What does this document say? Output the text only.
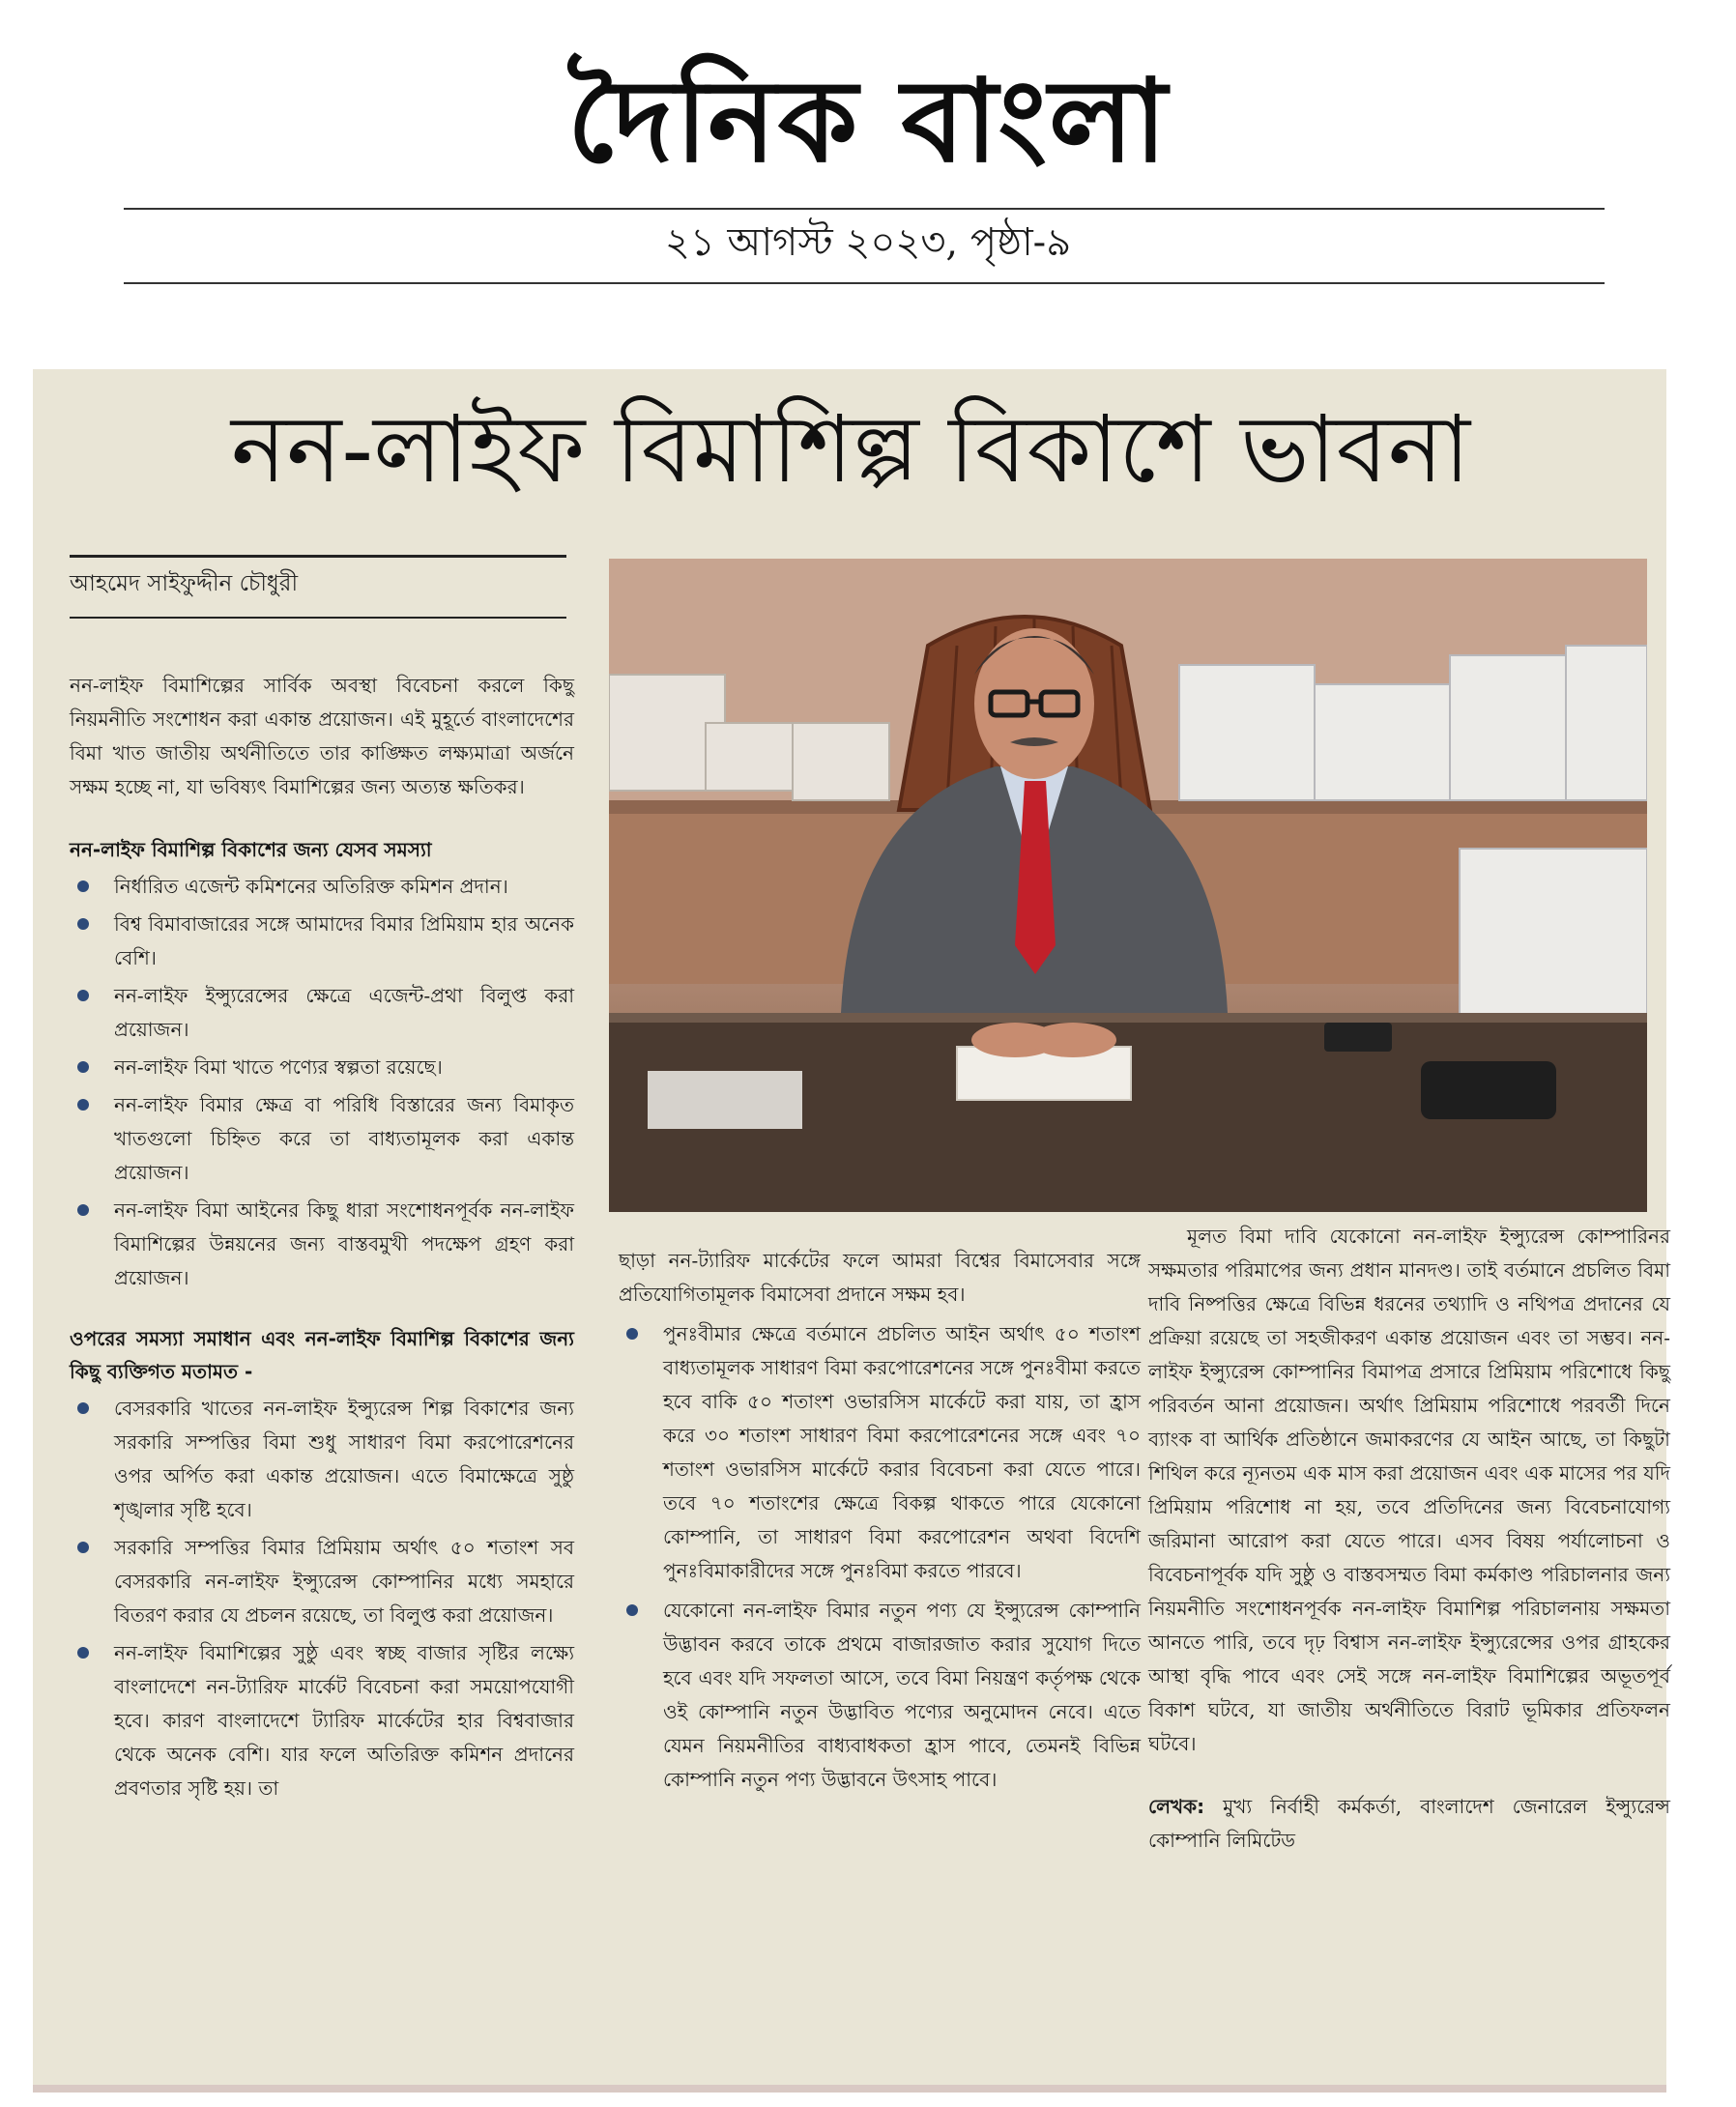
দৈনিক বাংলা
২১ আগস্ট ২০২৩, পৃষ্ঠা-৯
নন-লাইফ বিমাশিল্প বিকাশে ভাবনা
আহমেদ সাইফুদ্দীন চৌধুরী

নন-লাইফ বিমাশিল্পের সার্বিক অবস্থা বিবেচনা করলে কিছু নিয়মনীতি সংশোধন করা একান্ত প্রয়োজন। এই মুহূর্তে বাংলাদেশের বিমা খাত জাতীয় অর্থনীতিতে তার কাঙ্ক্ষিত লক্ষ্যমাত্রা অর্জনে সক্ষম হচ্ছে না, যা ভবিষ্যৎ বিমাশিল্পের জন্য অত্যন্ত ক্ষতিকর।

নন-লাইফ বিমাশিল্প বিকাশের জন্য যেসব সমস্যা
নির্ধারিত এজেন্ট কমিশনের অতিরিক্ত কমিশন প্রদান।
বিশ্ব বিমাবাজারের সঙ্গে আমাদের বিমার প্রিমিয়াম হার অনেক বেশি।
নন-লাইফ ইন্স্যুরেন্সের ক্ষেত্রে এজেন্ট-প্রথা বিলুপ্ত করা প্রয়োজন।
নন-লাইফ বিমা খাতে পণ্যের স্বল্পতা রয়েছে।
নন-লাইফ বিমার ক্ষেত্র বা পরিধি বিস্তারের জন্য বিমাকৃত খাতগুলো চিহ্নিত করে তা বাধ্যতামূলক করা একান্ত প্রয়োজন।
নন-লাইফ বিমা আইনের কিছু ধারা সংশোধনপূর্বক নন-লাইফ বিমাশিল্পের উন্নয়নের জন্য বাস্তবমুখী পদক্ষেপ গ্রহণ করা প্রয়োজন।
ওপরের সমস্যা সমাধান এবং নন-লাইফ বিমাশিল্প বিকাশের জন্য কিছু ব্যক্তিগত মতামত -
বেসরকারি খাতের নন-লাইফ ইন্স্যুরেন্স শিল্প বিকাশের জন্য সরকারি সম্পত্তির বিমা শুধু সাধারণ বিমা করপোরেশনের ওপর অর্পিত করা একান্ত প্রয়োজন। এতে বিমাক্ষেত্রে সুষ্ঠু শৃঙ্খলার সৃষ্টি হবে।
সরকারি সম্পত্তির বিমার প্রিমিয়াম অর্থাৎ ৫০ শতাংশ সব বেসরকারি নন-লাইফ ইন্স্যুরেন্স কোম্পানির মধ্যে সমহারে বিতরণ করার যে প্রচলন রয়েছে, তা বিলুপ্ত করা প্রয়োজন।
নন-লাইফ বিমাশিল্পের সুষ্ঠু এবং স্বচ্ছ বাজার সৃষ্টির লক্ষ্যে বাংলাদেশে নন-ট্যারিফ মার্কেট বিবেচনা করা সময়োপযোগী হবে। কারণ বাংলাদেশে ট্যারিফ মার্কেটের হার বিশ্ববাজার থেকে অনেক বেশি। যার ফলে অতিরিক্ত কমিশন প্রদানের প্রবণতার সৃষ্টি হয়। তা

ছাড়া নন-ট্যারিফ মার্কেটের ফলে আমরা বিশ্বের বিমাসেবার সঙ্গে প্রতিযোগিতামূলক বিমাসেবা প্রদানে সক্ষম হব।

পুনঃবীমার ক্ষেত্রে বর্তমানে প্রচলিত আইন অর্থাৎ ৫০ শতাংশ বাধ্যতামূলক সাধারণ বিমা করপোরেশনের সঙ্গে পুনঃবীমা করতে হবে বাকি ৫০ শতাংশ ওভারসিস মার্কেটে করা যায়, তা হ্রাস করে ৩০ শতাংশ সাধারণ বিমা করপোরেশনের সঙ্গে এবং ৭০ শতাংশ ওভারসিস মার্কেটে করার বিবেচনা করা যেতে পারে। তবে ৭০ শতাংশের ক্ষেত্রে বিকল্প থাকতে পারে যেকোনো কোম্পানি, তা সাধারণ বিমা করপোরেশন অথবা বিদেশি পুনঃবিমাকারীদের সঙ্গে পুনঃবিমা করতে পারবে।
যেকোনো নন-লাইফ বিমার নতুন পণ্য যে ইন্স্যুরেন্স কোম্পানি উদ্ভাবন করবে তাকে প্রথমে বাজারজাত করার সুযোগ দিতে হবে এবং যদি সফলতা আসে, তবে বিমা নিয়ন্ত্রণ কর্তৃপক্ষ থেকে ওই কোম্পানি নতুন উদ্ভাবিত পণ্যের অনুমোদন নেবে। এতে যেমন নিয়মনীতির বাধ্যবাধকতা হ্রাস পাবে, তেমনই বিভিন্ন কোম্পানি নতুন পণ্য উদ্ভাবনে উৎসাহ পাবে।

মূলত বিমা দাবি যেকোনো নন-লাইফ ইন্স্যুরেন্স কোম্পারিনর সক্ষমতার পরিমাপের জন্য প্রধান মানদণ্ড। তাই বর্তমানে প্রচলিত বিমা দাবি নিষ্পত্তির ক্ষেত্রে বিভিন্ন ধরনের তথ্যাদি ও নথিপত্র প্রদানের যে প্রক্রিয়া রয়েছে তা সহজীকরণ একান্ত প্রয়োজন এবং তা সম্ভব। নন-লাইফ ইন্স্যুরেন্স কোম্পানির বিমাপত্র প্রসারে প্রিমিয়াম পরিশোধে কিছু পরিবর্তন আনা প্রয়োজন। অর্থাৎ প্রিমিয়াম পরিশোধে পরবর্তী দিনে ব্যাংক বা আর্থিক প্রতিষ্ঠানে জমাকরণের যে আইন আছে, তা কিছুটা শিথিল করে ন্যূনতম এক মাস করা প্রয়োজন এবং এক মাসের পর যদি প্রিমিয়াম পরিশোধ না হয়, তবে প্রতিদিনের জন্য বিবেচনাযোগ্য জরিমানা আরোপ করা যেতে পারে। এসব বিষয় পর্যালোচনা ও বিবেচনাপূর্বক যদি সুষ্ঠু ও বাস্তবসম্মত বিমা কর্মকাণ্ড পরিচালনার জন্য নিয়মনীতি সংশোধনপূর্বক নন-লাইফ বিমাশিল্প পরিচালনায় সক্ষমতা আনতে পারি, তবে দৃঢ় বিশ্বাস নন-লাইফ ইন্স্যুরেন্সের ওপর গ্রাহকের আস্থা বৃদ্ধি পাবে এবং সেই সঙ্গে নন-লাইফ বিমাশিল্পের অভূতপূর্ব বিকাশ ঘটবে, যা জাতীয় অর্থনীতিতে বিরাট ভূমিকার প্রতিফলন ঘটবে।

লেখক: মুখ্য নির্বাহী কর্মকর্তা, বাংলাদেশ জেনারেল ইন্স্যুরেন্স কোম্পানি লিমিটেড
